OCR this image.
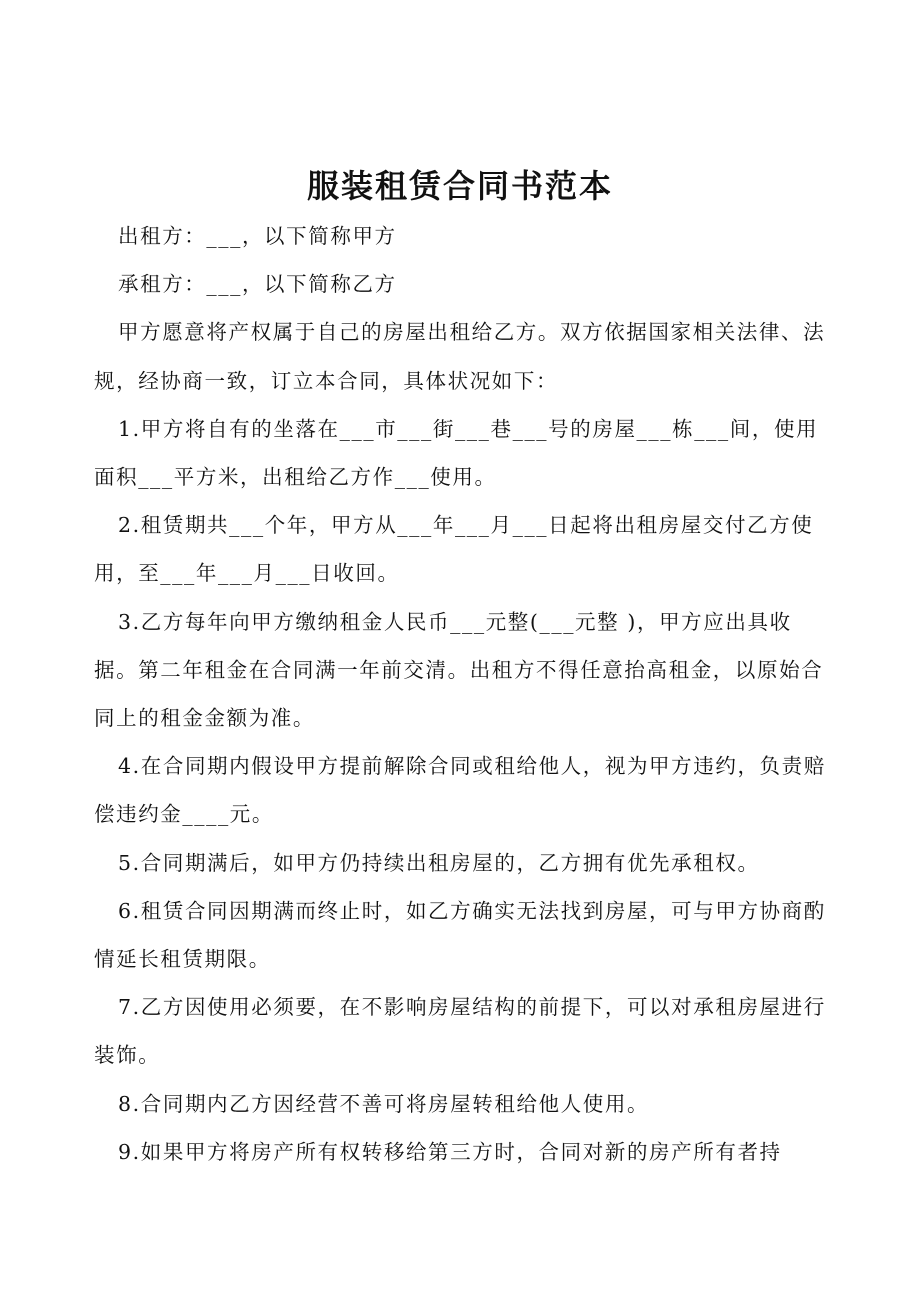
服装租赁合同书范本

出租方：___，以下简称甲方

承租方：___，以下简称乙方

甲方愿意将产权属于自己的房屋出租给乙方。双方依据国家相关法律、法规，经协商一致，订立本合同，具体状况如下：

1.甲方将自有的坐落在___市___街___巷___号的房屋___栋___间，使用面积___平方米，出租给乙方作___使用。

2.租赁期共___个年，甲方从___年___月___日起将出租房屋交付乙方使用，至___年___月___日收回。

3.乙方每年向甲方缴纳租金人民币___元整(___元整 )，甲方应出具收据。第二年租金在合同满一年前交清。出租方不得任意抬高租金，以原始合同上的租金金额为准。

4.在合同期内假设甲方提前解除合同或租给他人，视为甲方违约，负责赔偿违约金____元。

5.合同期满后，如甲方仍持续出租房屋的，乙方拥有优先承租权。

6.租赁合同因期满而终止时，如乙方确实无法找到房屋，可与甲方协商酌情延长租赁期限。

7.乙方因使用必须要，在不影响房屋结构的前提下，可以对承租房屋进行装饰。

8.合同期内乙方因经营不善可将房屋转租给他人使用。

9.如果甲方将房产所有权转移给第三方时，合同对新的房产所有者持
